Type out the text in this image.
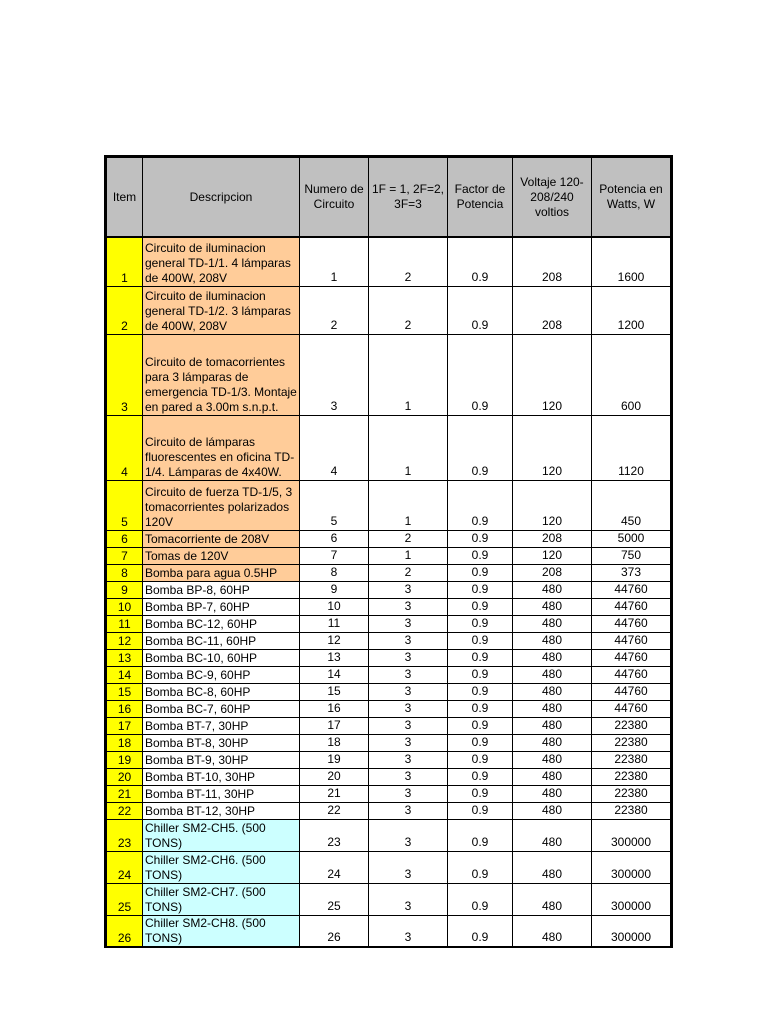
Item	Descripcion	Numero de Circuito	1F = 1, 2F=2, 3F=3	Factor de Potencia	Voltaje 120-208/240 voltios	Potencia en Watts, W
1	Circuito de iluminacion general TD-1/1. 4 lámparas de 400W, 208V	1	2	0.9	208	1600
2	Circuito de iluminacion general TD-1/2. 3 lámparas de 400W, 208V	2	2	0.9	208	1200
3	Circuito de tomacorrientes para 3 lámparas de emergencia TD-1/3. Montaje en pared a 3.00m s.n.p.t.	3	1	0.9	120	600
4	Circuito de lámparas fluorescentes en oficina TD-1/4. Lámparas de 4x40W.	4	1	0.9	120	1120
5	Circuito de fuerza TD-1/5, 3 tomacorrientes polarizados 120V	5	1	0.9	120	450
6	Tomacorriente de 208V	6	2	0.9	208	5000
7	Tomas de 120V	7	1	0.9	120	750
8	Bomba para agua 0.5HP	8	2	0.9	208	373
9	Bomba BP-8, 60HP	9	3	0.9	480	44760
10	Bomba BP-7, 60HP	10	3	0.9	480	44760
11	Bomba BC-12, 60HP	11	3	0.9	480	44760
12	Bomba BC-11, 60HP	12	3	0.9	480	44760
13	Bomba BC-10, 60HP	13	3	0.9	480	44760
14	Bomba BC-9, 60HP	14	3	0.9	480	44760
15	Bomba BC-8, 60HP	15	3	0.9	480	44760
16	Bomba BC-7, 60HP	16	3	0.9	480	44760
17	Bomba BT-7, 30HP	17	3	0.9	480	22380
18	Bomba BT-8, 30HP	18	3	0.9	480	22380
19	Bomba BT-9, 30HP	19	3	0.9	480	22380
20	Bomba BT-10, 30HP	20	3	0.9	480	22380
21	Bomba BT-11, 30HP	21	3	0.9	480	22380
22	Bomba BT-12, 30HP	22	3	0.9	480	22380
23	Chiller SM2-CH5. (500 TONS)	23	3	0.9	480	300000
24	Chiller SM2-CH6. (500 TONS)	24	3	0.9	480	300000
25	Chiller SM2-CH7. (500 TONS)	25	3	0.9	480	300000
26	Chiller SM2-CH8. (500 TONS)	26	3	0.9	480	300000
